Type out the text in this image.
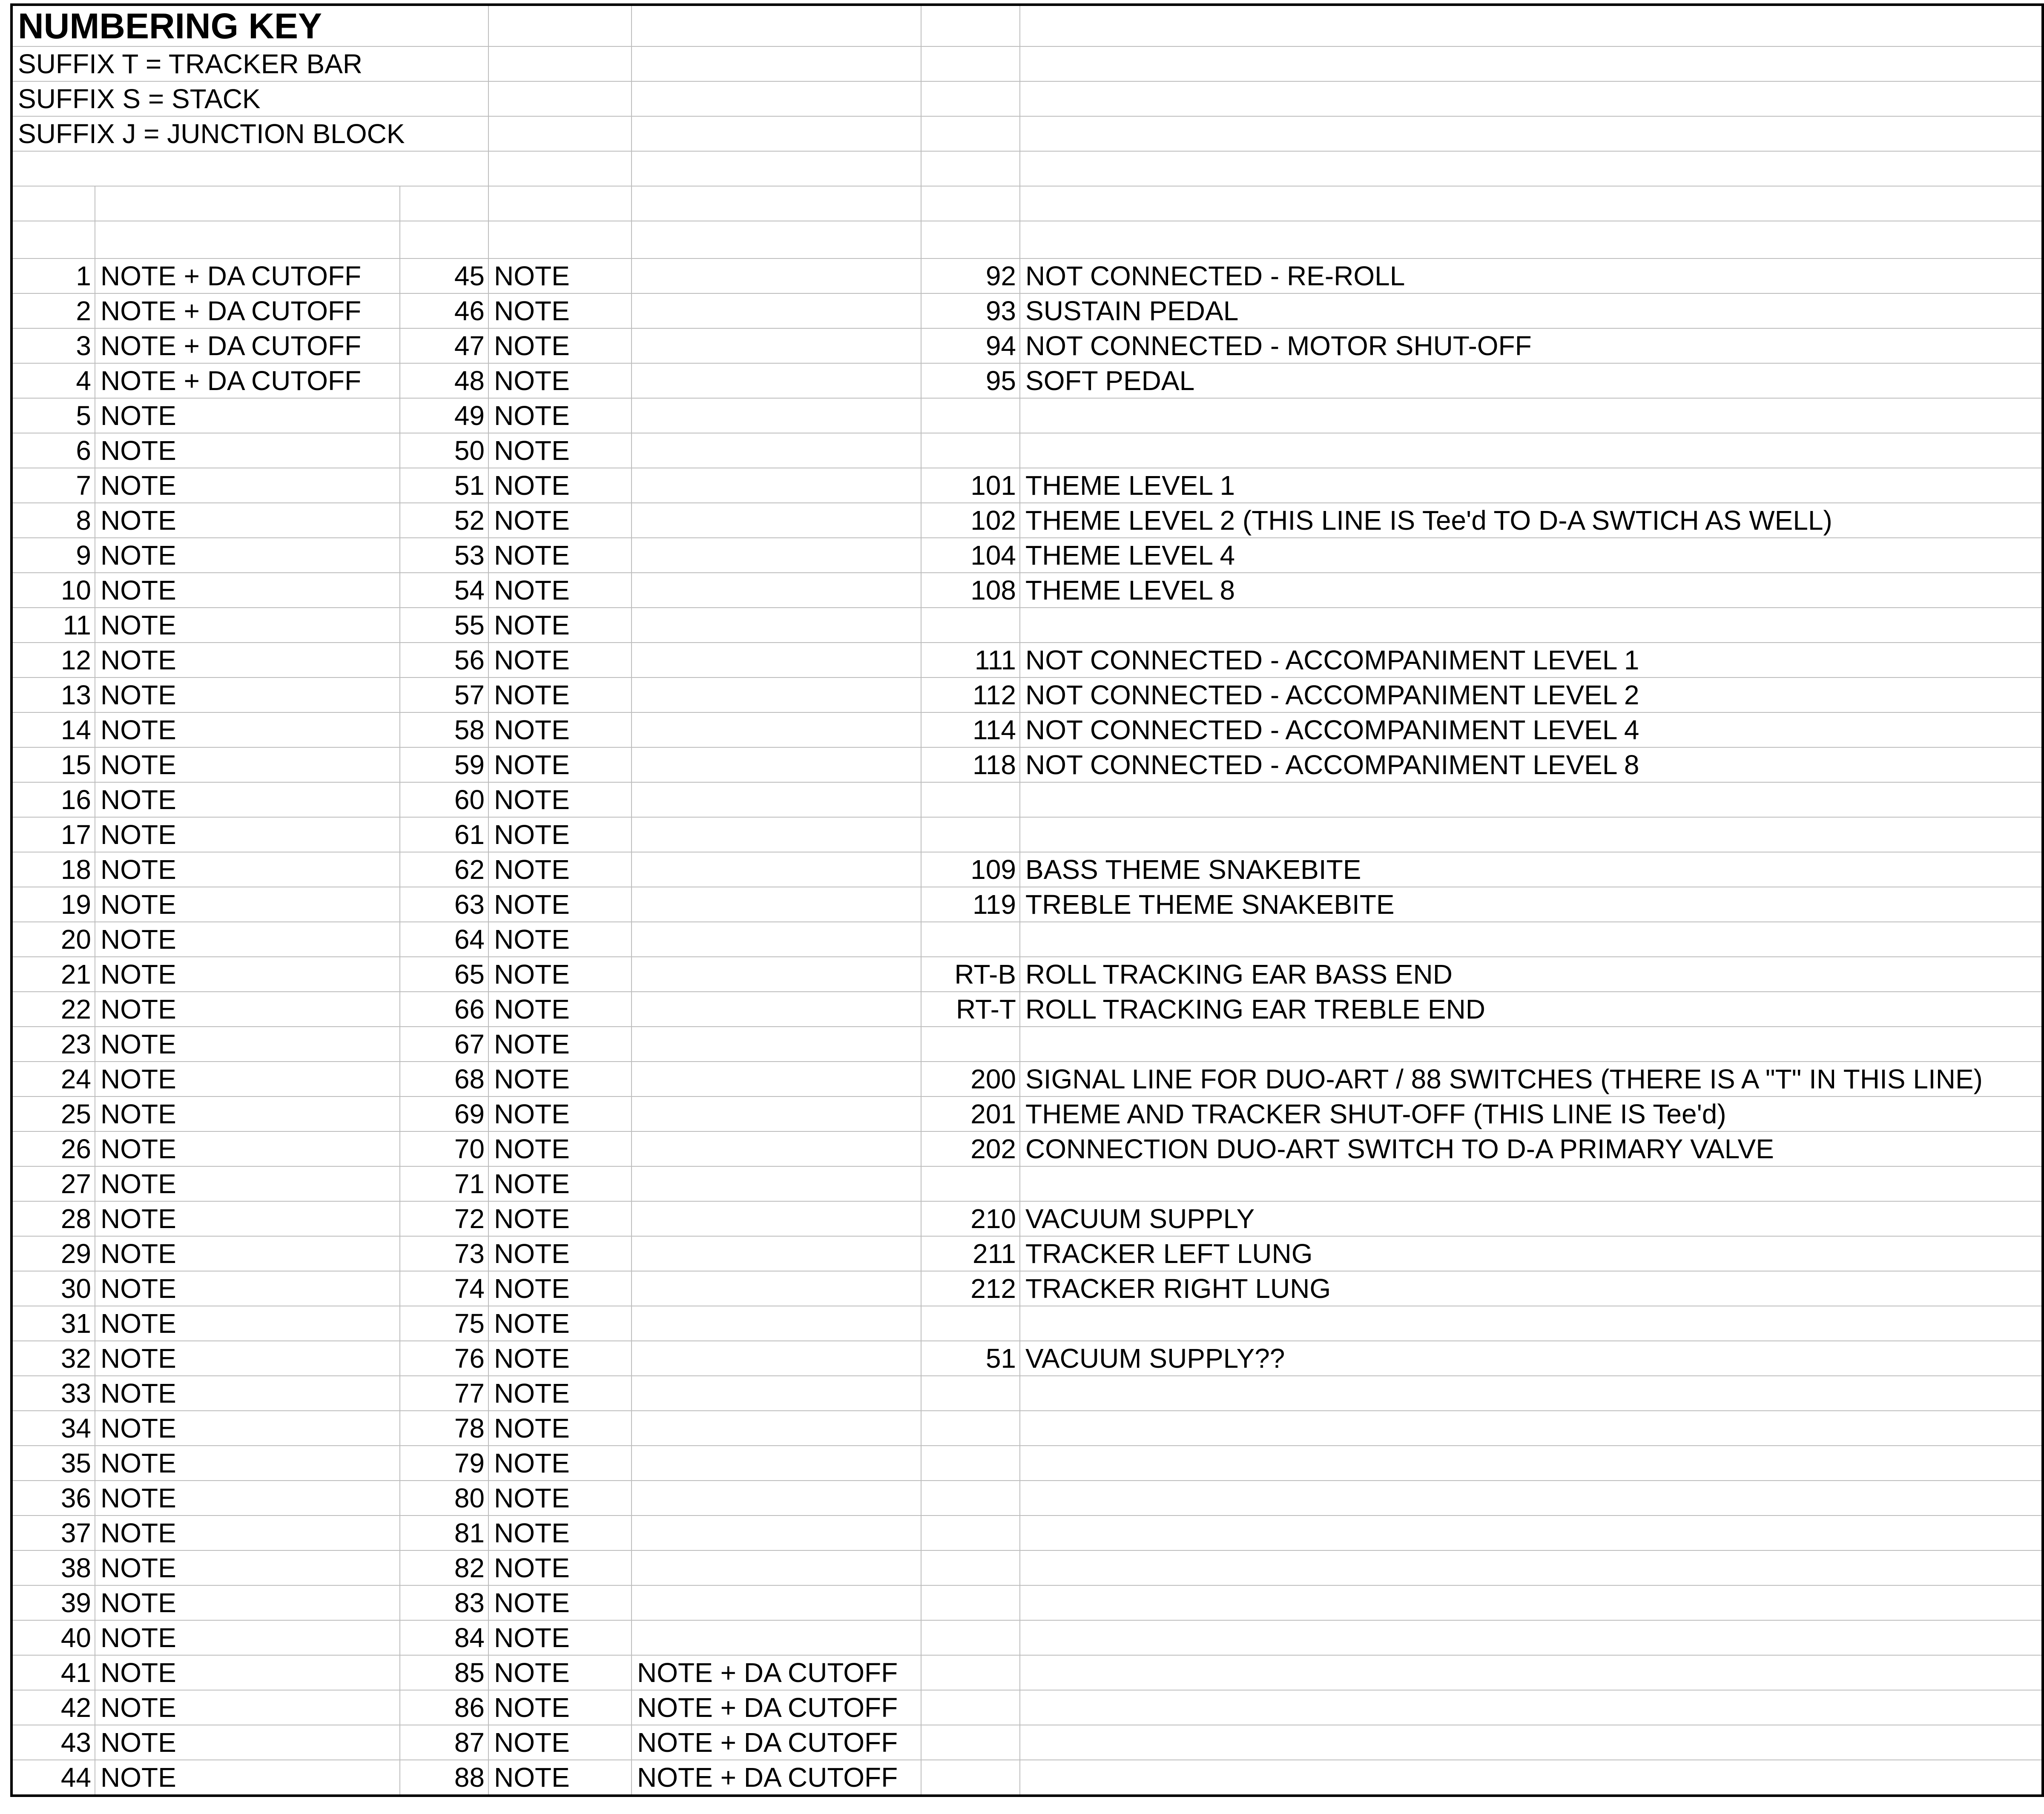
NUMBERING KEY						
SUFFIX T = TRACKER BAR						
SUFFIX S = STACK						
SUFFIX J = JUNCTION BLOCK						

1	NOTE + DA CUTOFF	45	NOTE		92	NOT CONNECTED - RE-ROLL
2	NOTE + DA CUTOFF	46	NOTE		93	SUSTAIN PEDAL
3	NOTE + DA CUTOFF	47	NOTE		94	NOT CONNECTED - MOTOR SHUT-OFF
4	NOTE + DA CUTOFF	48	NOTE		95	SOFT PEDAL
5	NOTE	49	NOTE			
6	NOTE	50	NOTE			
7	NOTE	51	NOTE		101	THEME LEVEL 1
8	NOTE	52	NOTE		102	THEME LEVEL 2 (THIS LINE IS Tee'd TO D-A SWTICH AS WELL)
9	NOTE	53	NOTE		104	THEME LEVEL 4
10	NOTE	54	NOTE		108	THEME LEVEL 8
11	NOTE	55	NOTE			
12	NOTE	56	NOTE		111	NOT CONNECTED - ACCOMPANIMENT LEVEL 1
13	NOTE	57	NOTE		112	NOT CONNECTED - ACCOMPANIMENT LEVEL 2
14	NOTE	58	NOTE		114	NOT CONNECTED - ACCOMPANIMENT LEVEL 4
15	NOTE	59	NOTE		118	NOT CONNECTED - ACCOMPANIMENT LEVEL 8
16	NOTE	60	NOTE			
17	NOTE	61	NOTE			
18	NOTE	62	NOTE		109	BASS THEME SNAKEBITE
19	NOTE	63	NOTE		119	TREBLE THEME SNAKEBITE
20	NOTE	64	NOTE			
21	NOTE	65	NOTE		RT-B	ROLL TRACKING EAR BASS END
22	NOTE	66	NOTE		RT-T	ROLL TRACKING EAR TREBLE END
23	NOTE	67	NOTE			
24	NOTE	68	NOTE		200	SIGNAL LINE FOR DUO-ART / 88 SWITCHES (THERE IS A "T" IN THIS LINE)
25	NOTE	69	NOTE		201	THEME AND TRACKER SHUT-OFF (THIS LINE IS Tee'd)
26	NOTE	70	NOTE		202	CONNECTION DUO-ART SWITCH TO D-A PRIMARY VALVE
27	NOTE	71	NOTE			
28	NOTE	72	NOTE		210	VACUUM SUPPLY
29	NOTE	73	NOTE		211	TRACKER LEFT LUNG
30	NOTE	74	NOTE		212	TRACKER RIGHT LUNG
31	NOTE	75	NOTE			
32	NOTE	76	NOTE		51	VACUUM SUPPLY??
33	NOTE	77	NOTE			
34	NOTE	78	NOTE			
35	NOTE	79	NOTE			
36	NOTE	80	NOTE			
37	NOTE	81	NOTE			
38	NOTE	82	NOTE			
39	NOTE	83	NOTE			
40	NOTE	84	NOTE			
41	NOTE	85	NOTE	NOTE + DA CUTOFF		
42	NOTE	86	NOTE	NOTE + DA CUTOFF		
43	NOTE	87	NOTE	NOTE + DA CUTOFF		
44	NOTE	88	NOTE	NOTE + DA CUTOFF		
